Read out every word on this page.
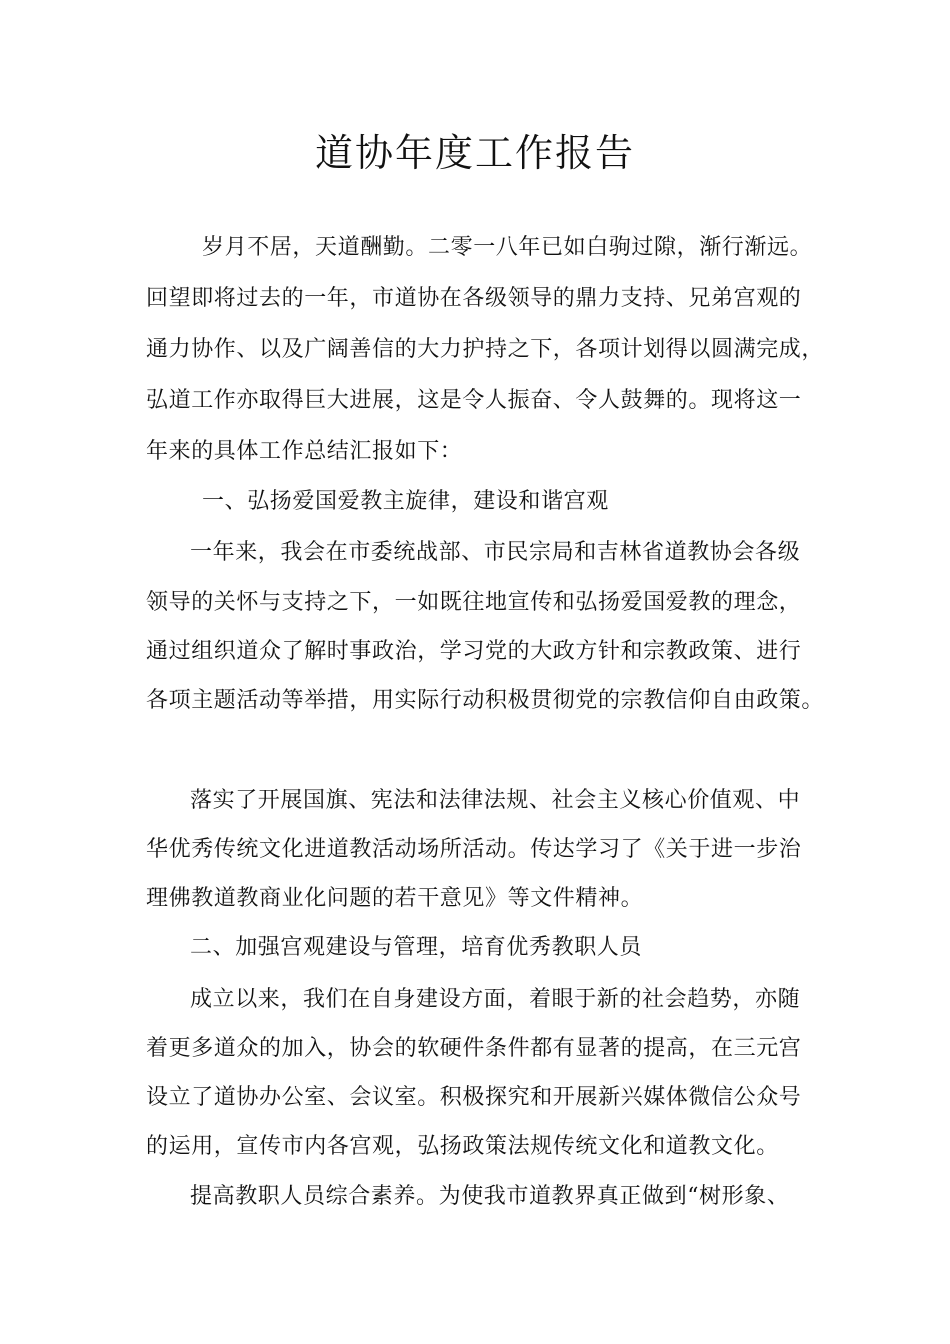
道协年度工作报告

岁月不居，天道酬勤。二零一八年已如白驹过隙，渐行渐远。

回望即将过去的一年，市道协在各级领导的鼎力支持、兄弟宫观的

通力协作、以及广阔善信的大力护持之下，各项计划得以圆满完成，

弘道工作亦取得巨大进展，这是令人振奋、令人鼓舞的。现将这一

年来的具体工作总结汇报如下：

一、弘扬爱国爱教主旋律，建设和谐宫观

一年来，我会在市委统战部、市民宗局和吉林省道教协会各级

领导的关怀与支持之下，一如既往地宣传和弘扬爱国爱教的理念，

通过组织道众了解时事政治，学习党的大政方针和宗教政策、进行

各项主题活动等举措，用实际行动积极贯彻党的宗教信仰自由政策。

落实了开展国旗、宪法和法律法规、社会主义核心价值观、中

华优秀传统文化进道教活动场所活动。传达学习了《关于进一步治

理佛教道教商业化问题的若干意见》等文件精神。

二、加强宫观建设与管理，培育优秀教职人员

成立以来，我们在自身建设方面，着眼于新的社会趋势，亦随

着更多道众的加入，协会的软硬件条件都有显著的提高，在三元宫

设立了道协办公室、会议室。积极探究和开展新兴媒体微信公众号

的运用，宣传市内各宫观，弘扬政策法规传统文化和道教文化。

提高教职人员综合素养。为使我市道教界真正做到“树形象、
